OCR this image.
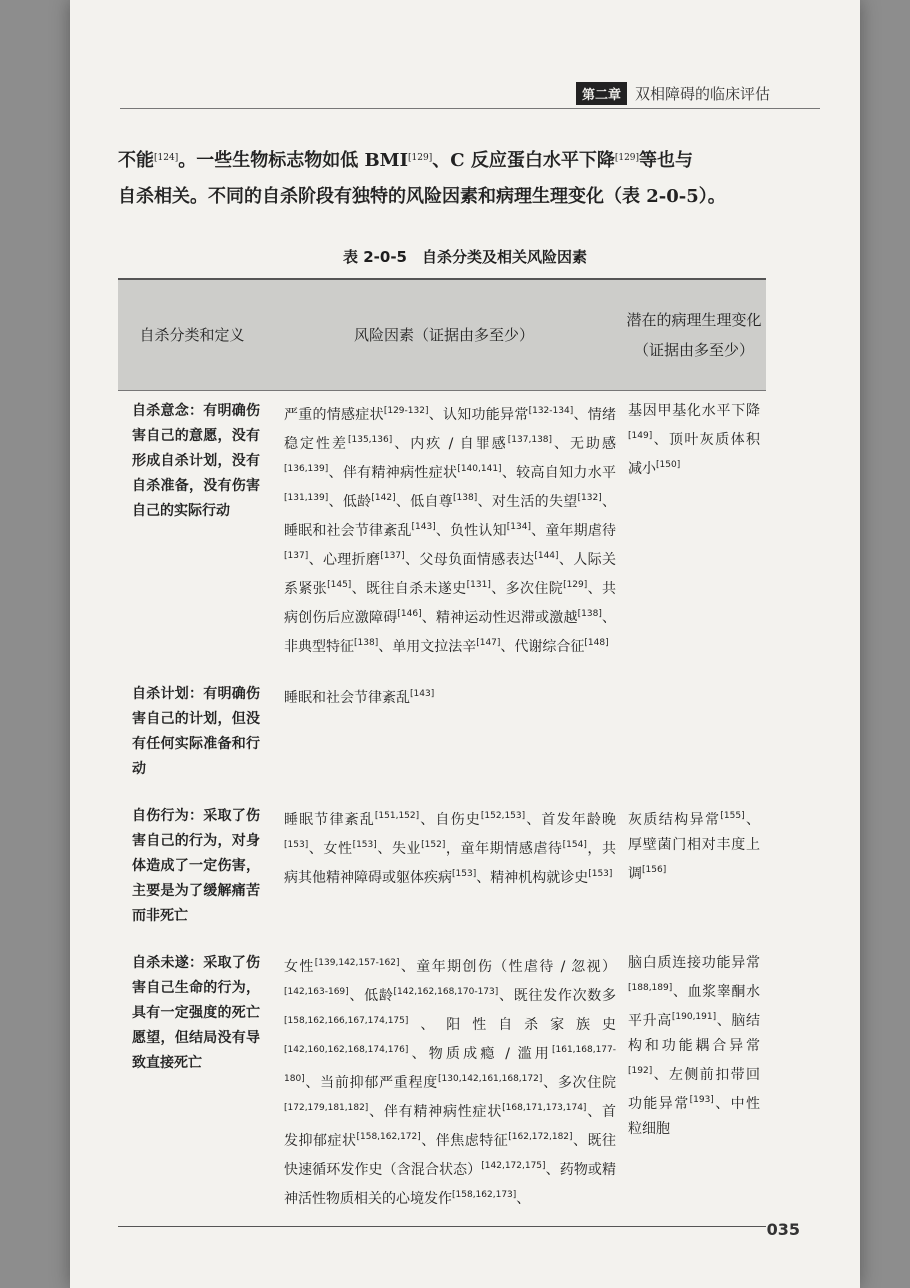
第二章 双相障碍的临床评估

不能[124]。一些生物标志物如低 BMI[129]、C 反应蛋白水平下降[129]等也与

自杀相关。不同的自杀阶段有独特的风险因素和病理生理变化（表 2-0-5）。

表 2-0-5　自杀分类及相关风险因素
自杀分类和定义	风险因素（证据由多至少）	潜在的病理生理变化（证据由多至少）
自杀意念：有明确伤害自己的意愿，没有形成自杀计划，没有自杀准备，没有伤害自己的实际行动	严重的情感症状[129-132]、认知功能异常[132-134]、情绪稳定性差[135,136]、内疚 / 自罪感[137,138]、无助感[136,139]、伴有精神病性症状[140,141]、较高自知力水平[131,139]、低龄[142]、低自尊[138]、对生活的失望[132]、睡眠和社会节律紊乱[143]、负性认知[134]、童年期虐待[137]、心理折磨[137]、父母负面情感表达[144]、人际关系紧张[145]、既往自杀未遂史[131]、多次住院[129]、共病创伤后应激障碍[146]、精神运动性迟滞或激越[138]、非典型特征[138]、单用文拉法辛[147]、代谢综合征[148]	基因甲基化水平下降[149]、顶叶灰质体积减小[150]
自杀计划：有明确伤害自己的计划，但没有任何实际准备和行动	睡眠和社会节律紊乱[143]	
自伤行为：采取了伤害自己的行为，对身体造成了一定伤害，主要是为了缓解痛苦而非死亡	睡眠节律紊乱[151,152]、自伤史[152,153]、首发年龄晚[153]、女性[153]、失业[152]，童年期情感虐待[154]，共病其他精神障碍或躯体疾病[153]、精神机构就诊史[153]	灰质结构异常[155]、厚壁菌门相对丰度上调[156]
自杀未遂：采取了伤害自己生命的行为，具有一定强度的死亡愿望，但结局没有导致直接死亡	女性[139,142,157-162]、童年期创伤（性虐待 / 忽视）[142,163-169]、低龄[142,162,168,170-173]、既往发作次数多[158,162,166,167,174,175]、阳性自杀家族史[142,160,162,168,174,176]、物质成瘾 / 滥用[161,168,177-180]、当前抑郁严重程度[130,142,161,168,172]、多次住院[172,179,181,182]、伴有精神病性症状[168,171,173,174]、首发抑郁症状[158,162,172]、伴焦虑特征[162,172,182]、既往快速循环发作史（含混合状态）[142,172,175]、药物或精神活性物质相关的心境发作[158,162,173]、	脑白质连接功能异常[188,189]、血浆睾酮水平升高[190,191]、脑结构和功能耦合异常[192]、左侧前扣带回功能异常[193]、中性粒细胞
035
